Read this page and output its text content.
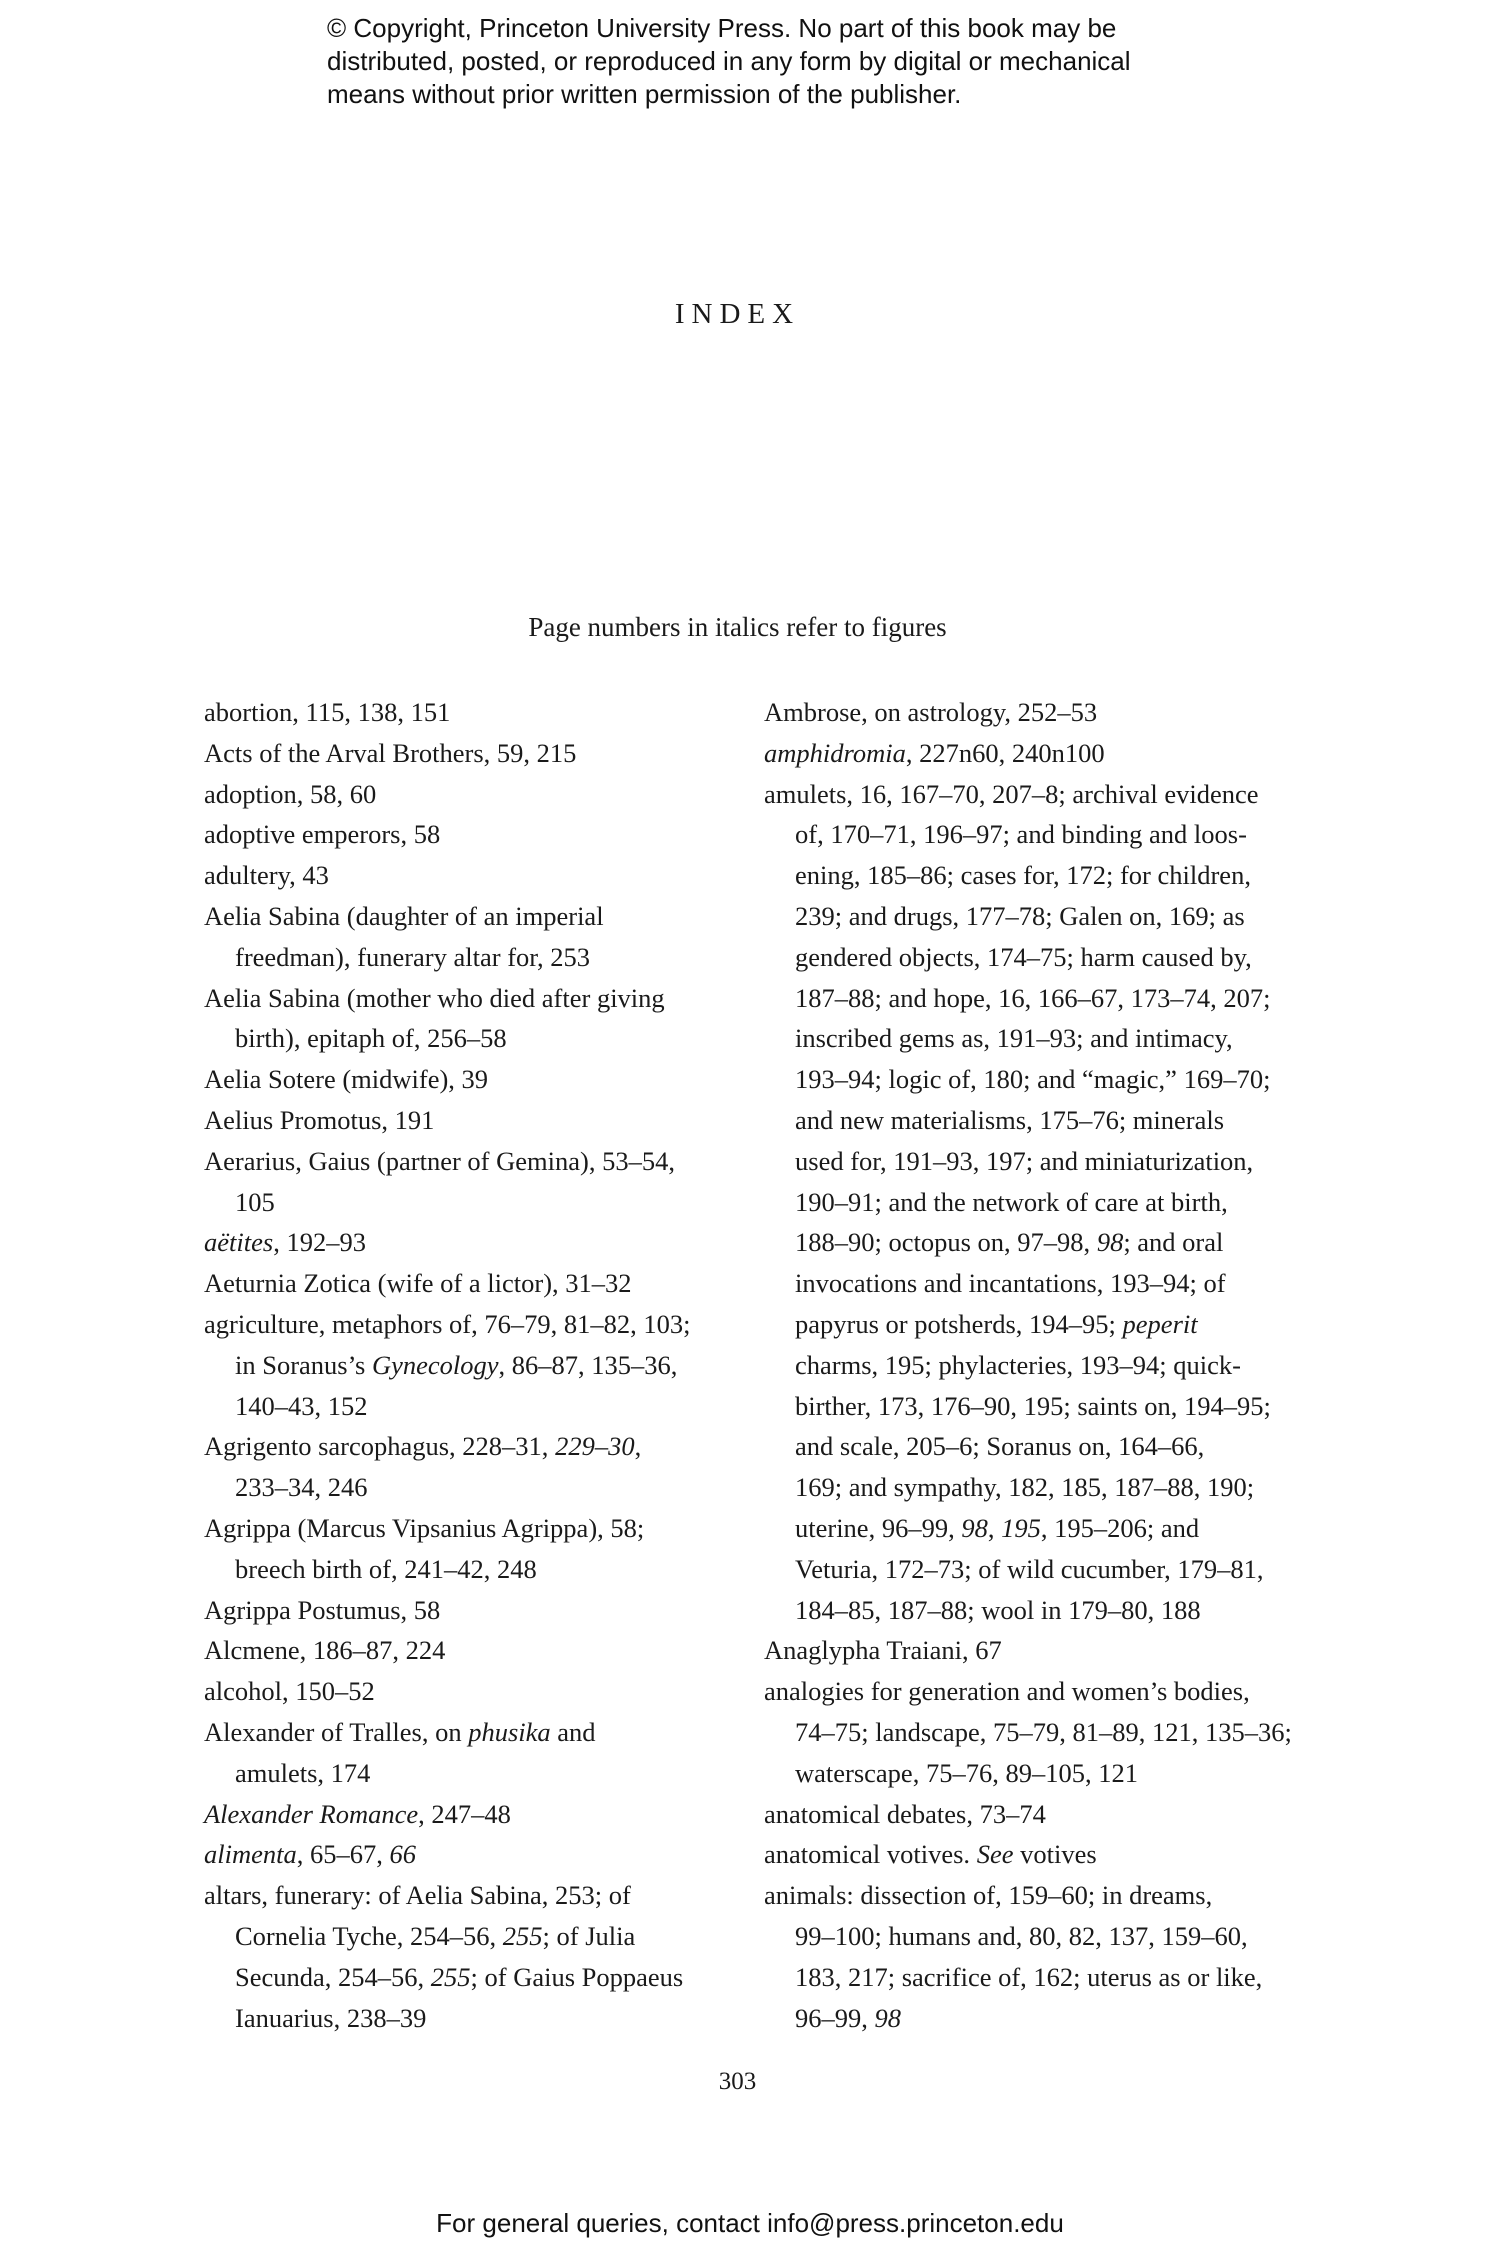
© Copyright, Princeton University Press. No part of this book may be
distributed, posted, or reproduced in any form by digital or mechanical
means without prior written permission of the publisher.
INDEX
Page numbers in italics refer to figures
abortion, 115, 138, 151
Acts of the Arval Brothers, 59, 215
adoption, 58, 60
adoptive emperors, 58
adultery, 43
Aelia Sabina (daughter of an imperial
freedman), funerary altar for, 253
Aelia Sabina (mother who died after giving
birth), epitaph of, 256–58
Aelia Sotere (midwife), 39
Aelius Promotus, 191
Aerarius, Gaius (partner of Gemina), 53–54,
105
aëtites, 192–93
Aeturnia Zotica (wife of a lictor), 31–32
agriculture, metaphors of, 76–79, 81–82, 103;
in Soranus’s Gynecology, 86–87, 135–36,
140–43, 152
Agrigento sarcophagus, 228–31, 229–30,
233–34, 246
Agrippa (Marcus Vipsanius Agrippa), 58;
breech birth of, 241–42, 248
Agrippa Postumus, 58
Alcmene, 186–87, 224
alcohol, 150–52
Alexander of Tralles, on phusika and
amulets, 174
Alexander Romance, 247–48
alimenta, 65–67, 66
altars, funerary: of Aelia Sabina, 253; of
Cornelia Tyche, 254–56, 255; of Julia
Secunda, 254–56, 255; of Gaius Poppaeus
Ianuarius, 238–39
Ambrose, on astrology, 252–53
amphidromia, 227n60, 240n100
amulets, 16, 167–70, 207–8; archival evidence
of, 170–71, 196–97; and binding and loos-
ening, 185–86; cases for, 172; for children,
239; and drugs, 177–78; Galen on, 169; as
gendered objects, 174–75; harm caused by,
187–88; and hope, 16, 166–67, 173–74, 207;
inscribed gems as, 191–93; and intimacy,
193–94; logic of, 180; and “magic,” 169–70;
and new materialisms, 175–76; minerals
used for, 191–93, 197; and miniaturization,
190–91; and the network of care at birth,
188–90; octopus on, 97–98, 98; and oral
invocations and incantations, 193–94; of
papyrus or potsherds, 194–95; peperit
charms, 195; phylacteries, 193–94; quick-
birther, 173, 176–90, 195; saints on, 194–95;
and scale, 205–6; Soranus on, 164–66,
169; and sympathy, 182, 185, 187–88, 190;
uterine, 96–99, 98, 195, 195–206; and
Veturia, 172–73; of wild cucumber, 179–81,
184–85, 187–88; wool in 179–80, 188
Anaglypha Traiani, 67
analogies for generation and women’s bodies,
74–75; landscape, 75–79, 81–89, 121, 135–36;
waterscape, 75–76, 89–105, 121
anatomical debates, 73–74
anatomical votives. See votives
animals: dissection of, 159–60; in dreams,
99–100; humans and, 80, 82, 137, 159–60,
183, 217; sacrifice of, 162; uterus as or like,
96–99, 98
303
For general queries, contact info@press.princeton.edu
